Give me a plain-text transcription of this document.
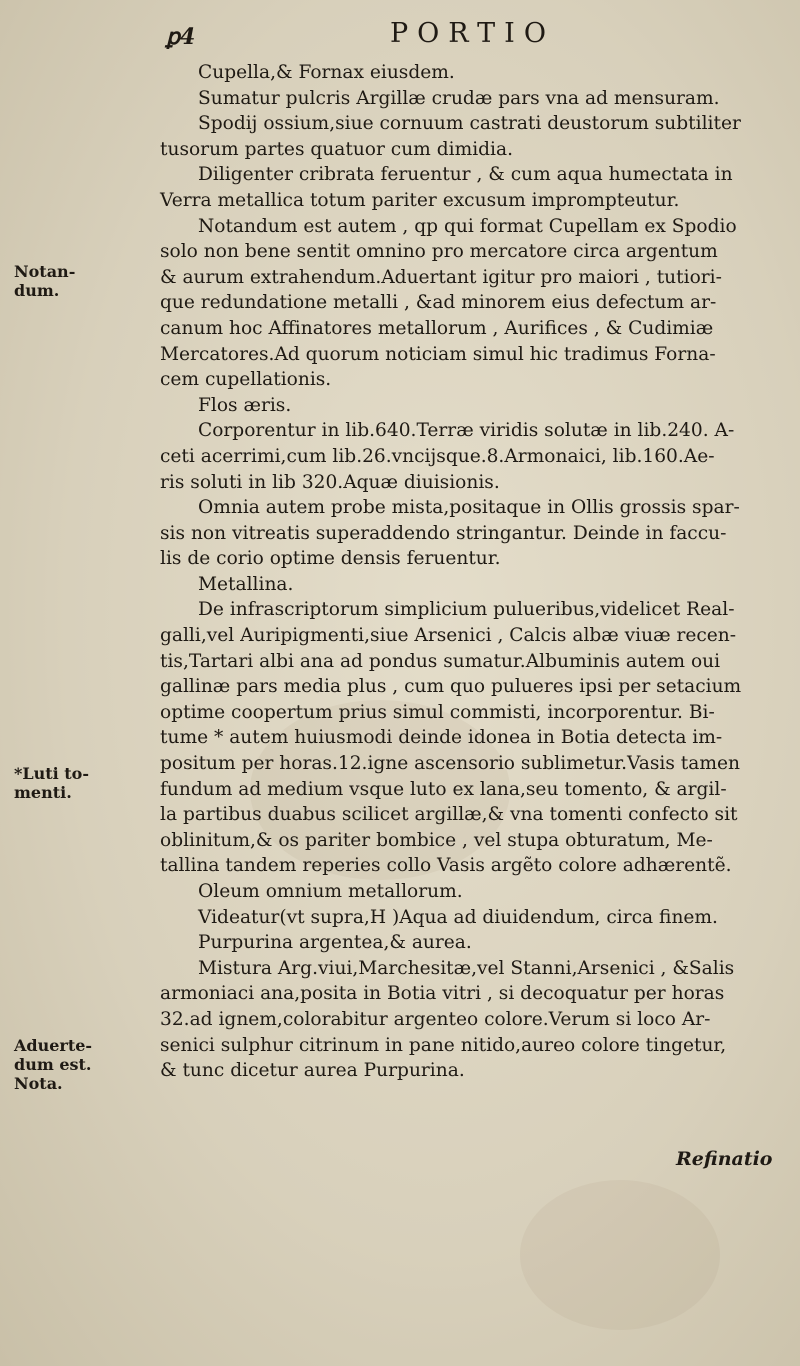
ꝑ4	PORTIO
Notan-
dum.
*Luti to-
menti.
Aduerte-
dum est.
Nota.
Cupella,& Fornax eiusdem.
Sumatur pulcris Argillæ crudæ pars vna ad mensuram.
Spodij ossium,siue cornuum castrati deustorum subtiliter
tusorum partes quatuor cum dimidia.
Diligenter cribrata feruentur , & cum aqua humectata in
Verra metallica totum pariter excusum imprompteutur.
Notandum est autem , qp qui format Cupellam ex Spodio
solo non bene sentit omnino pro mercatore circa argentum
& aurum extrahendum.Aduertant igitur pro maiori , tutiori-
que redundatione metalli , &ad minorem eius defectum ar-
canum hoc Affinatores metallorum , Aurifices , & Cudimiæ
Mercatores.Ad quorum noticiam simul hic tradimus Forna-
cem cupellationis.
Flos æris.
Corporentur in lib.640.Terræ viridis solutæ in lib.240. A-
ceti acerrimi,cum lib.26.vncijsque.8.Armonaici, lib.160.Ae-
ris soluti in lib 320.Aquæ diuisionis.
Omnia autem probe mista,positaque in Ollis grossis spar-
sis non vitreatis superaddendo stringantur. Deinde in faccu-
lis de corio optime densis feruentur.
Metallina.
De infrascriptorum simplicium pulueribus,videlicet Real-
galli,vel Auripigmenti,siue Arsenici , Calcis albæ viuæ recen-
tis,Tartari albi ana ad pondus sumatur.Albuminis autem oui
gallinæ pars media plus , cum quo pulueres ipsi per setacium
optime coopertum prius simul commisti, incorporentur. Bi-
tume * autem huiusmodi deinde idonea in Botia detecta im-
positum per horas.12.igne ascensorio sublimetur.Vasis tamen
fundum ad medium vsque luto ex lana,seu tomento, & argil-
la partibus duabus scilicet argillæ,& vna tomenti confecto sit
oblinitum,& os pariter bombice , vel stupa obturatum, Me-
tallina tandem reperies collo Vasis argẽto colore adhærentẽ.
Oleum omnium metallorum.
Videatur(vt supra,H )Aqua ad diuidendum, circa finem.
Purpurina argentea,& aurea.
Mistura Arg.viui,Marchesitæ,vel Stanni,Arsenici , &Salis
armoniaci ana,posita in Botia vitri , si decoquatur per horas
32.ad ignem,colorabitur argenteo colore.Verum si loco Ar-
senici sulphur citrinum in pane nitido,aureo colore tingetur,
& tunc dicetur aurea Purpurina.
Refinatio
